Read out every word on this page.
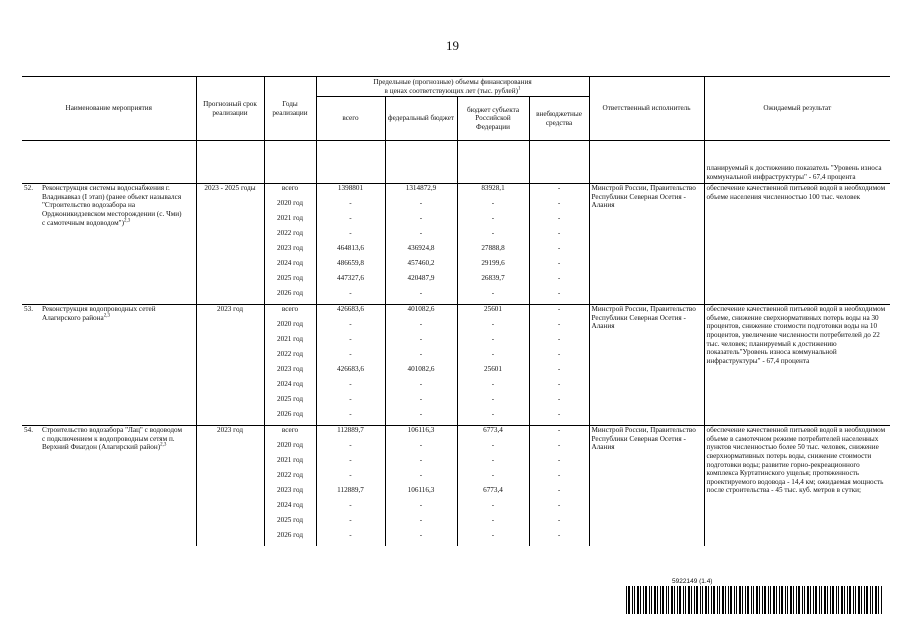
19
Наименование мероприятия	Прогнозный срок реализации	Годы реализации	Предельные (прогнозные) объемы финансирования
в ценах соответствующих лет (тыс. рублей)$^1$				Ответственный исполнитель	Ожидаемый результат
			всего	федеральный бюджет	бюджет субъекта Российской Федерации	внебюджетные средства		
								планируемый к достижению показатель "Уровень износа коммунальной инфраструктуры" - 67,4 процента
52. Реконструкция системы водоснабжения г. Владикавказ (I этап) (ранее объект назывался "Строительство водозабора на Орджоникидзевском месторождении (с. Чми) с самотечным водоводом")$^{2,3}$	2023 - 2025 годы	всего	1398801	1314872,9	83928,1	-	Минстрой России, Правительство Республики Северная Осетия - Алания	обеспечение качественной питьевой водой в необходимом объеме населения численностью 100 тыс. человек
		2020 год	-	-	-	-		
		2021 год	-	-	-	-		
		2022 год	-	-	-	-		
		2023 год	464813,6	436924,8	27888,8	-		
		2024 год	486659,8	457460,2	29199,6	-		
		2025 год	447327,6	420487,9	26839,7	-		
		2026 год	-	-	-	-		
53. Реконструкция водопроводных сетей Алагирского района$^{2,3}$	2023 год	всего	426683,6	401082,6	25601	-	Минстрой России, Правительство Республики Северная Осетия - Алания	обеспечение качественной питьевой водой в необходимом объеме, снижение сверхнормативных потерь воды на 30 процентов, снижение стоимости подготовки воды на 10 процентов, увеличение численности потребителей до 22 тыс. человек; планируемый к достижению показатель"Уровень износа коммунальной инфраструктуры" - 67,4 процента
		2020 год	-	-	-	-		
		2021 год	-	-	-	-		
		2022 год	-	-	-	-		
		2023 год	426683,6	401082,6	25601	-		
		2024 год	-	-	-	-		
		2025 год	-	-	-	-		
		2026 год	-	-	-	-		
54. Строительство водозабора "Лац" с водоводом с подключением к водопроводным сетям п. Верхний Фиагдон (Алагирский район)$^{2,3}$	2023 год	всего	112889,7	106116,3	6773,4	-	Минстрой России, Правительство Республики Северная Осетия - Алания	обеспечение качественной питьевой водой в необходимом объеме в самотечном режиме потребителей населенных пунктов численностью более 50 тыс. человек, снижение сверхнормативных потерь воды, снижение стоимости подготовки воды; развитие горно-рекреационного комплекса Куртатинского ущелья; протяженность проектируемого водовода - 14,4 км; ожидаемая мощность после строительства - 45 тыс. куб. метров в сутки;
		2020 год	-	-	-	-		
		2021 год	-	-	-	-		
		2022 год	-	-	-	-		
		2023 год	112889,7	106116,3	6773,4	-		
		2024 год	-	-	-	-		
		2025 год	-	-	-	-		
		2026 год	-	-	-	-		
5922149 (1.4)
